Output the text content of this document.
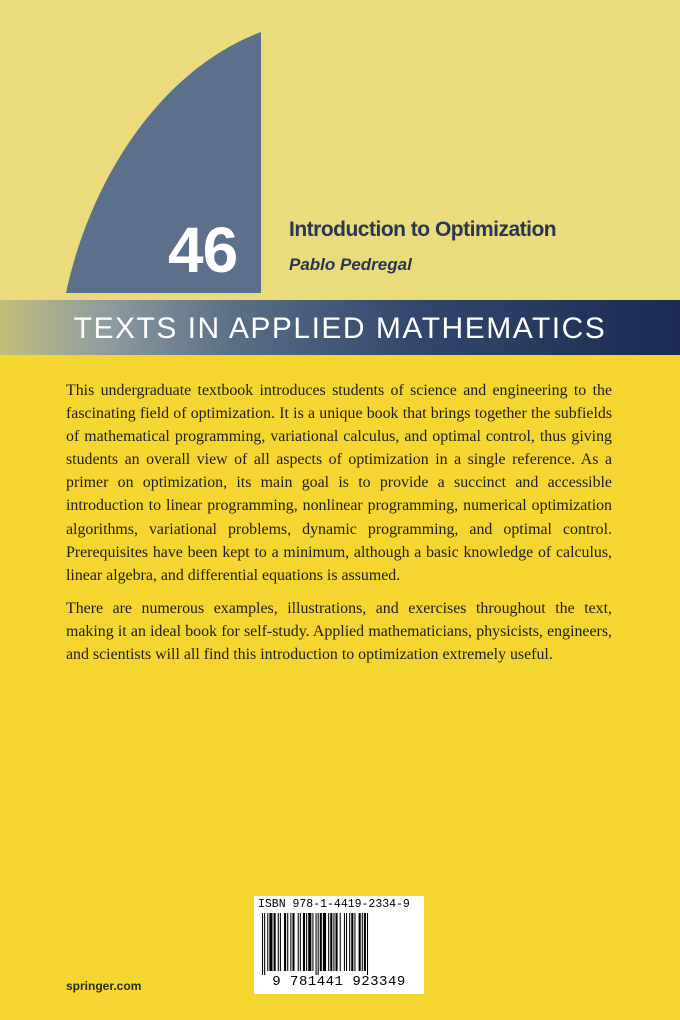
46	Introduction to Optimization
Pablo Pedregal
TEXTS IN APPLIED MATHEMATICS

This undergraduate textbook introduces students of science and engineering to the fascinating field of optimization. It is a unique book that brings together the subfields of mathematical programming, variational calculus, and optimal control, thus giving students an overall view of all aspects of optimization in a single reference. As a primer on optimization, its main goal is to provide a succinct and accessible introduction to linear programming, nonlinear programming, numerical optimization algorithms, variational problems, dynamic programming, and optimal control. Prerequisites have been kept to a minimum, although a basic knowledge of calculus, linear algebra, and differential equations is assumed.

There are numerous examples, illustrations, and exercises throughout the text, making it an ideal book for self-study. Applied mathematicians, physicists, engineers, and scientists will all find this introduction to optimization extremely useful.

ISBN 978-1-4419-2334-9
9 781441 923349
springer.com
